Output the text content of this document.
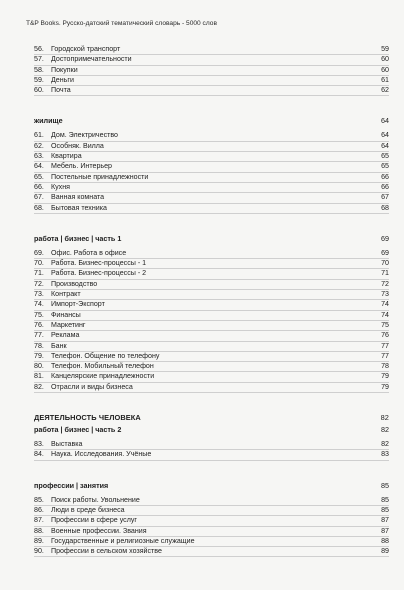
T&P Books. Русско-датский тематический словарь - 5000 слов
56. Городской транспорт	59
57. Достопримечательности	60
58. Покупки	60
59. Деньги	61
60. Почта	62
жилище	64
61. Дом. Электричество	64
62. Особняк. Вилла	64
63. Квартира	65
64. Мебель. Интерьер	65
65. Постельные принадлежности	66
66. Кухня	66
67. Ванная комната	67
68. Бытовая техника	68
работа | бизнес | часть 1	69
69. Офис. Работа в офисе	69
70. Работа. Бизнес-процессы - 1	70
71. Работа. Бизнес-процессы - 2	71
72. Производство	72
73. Контракт	73
74. Импорт-Экспорт	74
75. Финансы	74
76. Маркетинг	75
77. Реклама	76
78. Банк	77
79. Телефон. Общение по телефону	77
80. Телефон. Мобильный телефон	78
81. Канцелярские принадлежности	79
82. Отрасли и виды бизнеса	79
ДЕЯТЕЛЬНОСТЬ ЧЕЛОВЕКА	82
работа | бизнес | часть 2	82
83. Выставка	82
84. Наука. Исследования. Учёные	83
профессии | занятия	85
85. Поиск работы. Увольнение	85
86. Люди в среде бизнеса	85
87. Профессии в сфере услуг	87
88. Военные профессии. Звания	87
89. Государственные и религиозные служащие	88
90. Профессии в сельском хозяйстве	89
